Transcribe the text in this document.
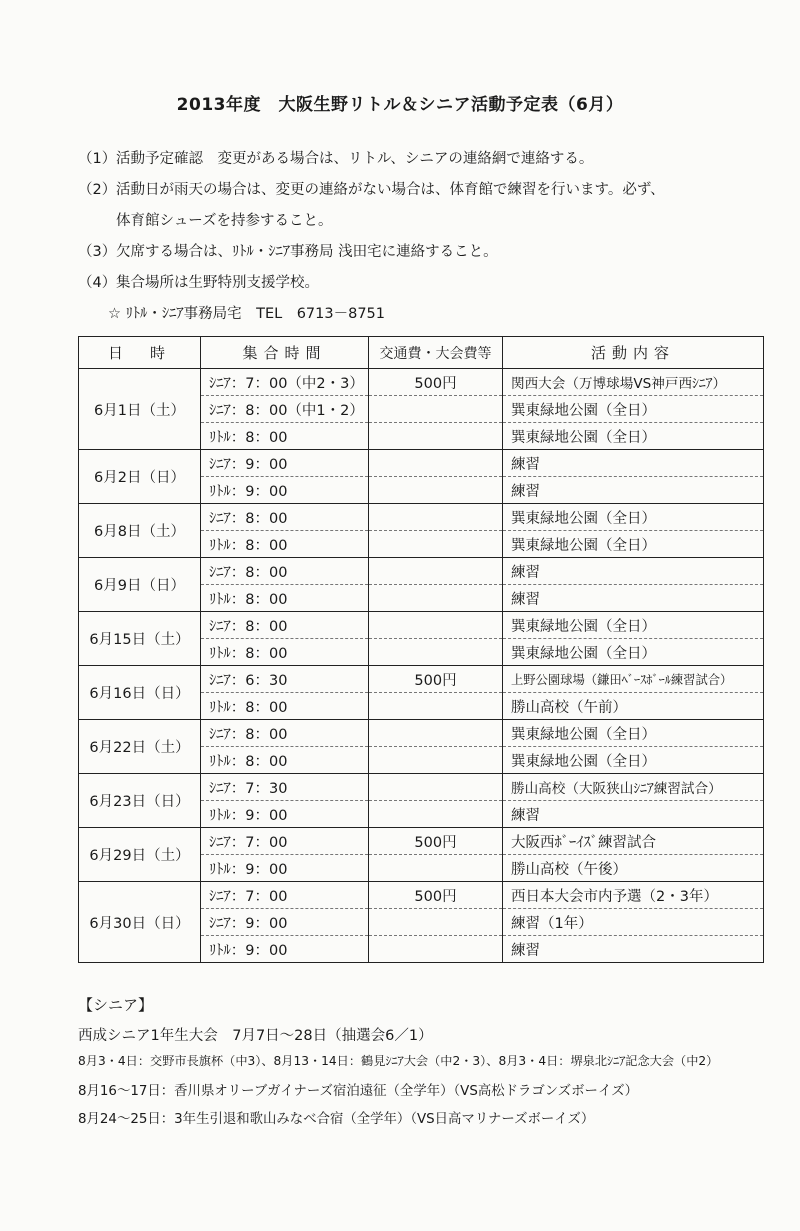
2013年度　大阪生野リトル＆シニア活動予定表（6月）
（1） 活動予定確認　変更がある場合は、リトル、シニアの連絡網で連絡する。
（2） 活動日が雨天の場合は、変更の連絡がない場合は、体育館で練習を行います。必ず、
体育館シューズを持参すること。
（3） 欠席する場合は、ﾘﾄﾙ・ｼﾆｱ事務局 浅田宅に連絡すること。
（4） 集合場所は生野特別支援学校。
☆ ﾘﾄﾙ・ｼﾆｱ事務局宅　TEL　6713－8751
日　時	集合時間	交通費・大会費等	活動内容
6月1日（土）	ｼﾆｱ：7：00（中2・3）	500円	関西大会（万博球場VS神戸西ｼﾆｱ）
	ｼﾆｱ：8：00（中1・2）		巽東緑地公園（全日）
	ﾘﾄﾙ：8：00		巽東緑地公園（全日）
6月2日（日）	ｼﾆｱ：9：00		練習
	ﾘﾄﾙ：9：00		練習
6月8日（土）	ｼﾆｱ：8：00		巽東緑地公園（全日）
	ﾘﾄﾙ：8：00		巽東緑地公園（全日）
6月9日（日）	ｼﾆｱ：8：00		練習
	ﾘﾄﾙ：8：00		練習
6月15日（土）	ｼﾆｱ：8：00		巽東緑地公園（全日）
	ﾘﾄﾙ：8：00		巽東緑地公園（全日）
6月16日（日）	ｼﾆｱ：6：30	500円	上野公園球場（鎌田ﾍﾞｰｽﾎﾞｰﾙ練習試合）
	ﾘﾄﾙ：8：00		勝山高校（午前）
6月22日（土）	ｼﾆｱ：8：00		巽東緑地公園（全日）
	ﾘﾄﾙ：8：00		巽東緑地公園（全日）
6月23日（日）	ｼﾆｱ：7：30		勝山高校（大阪狭山ｼﾆｱ練習試合）
	ﾘﾄﾙ：9：00		練習
6月29日（土）	ｼﾆｱ：7：00	500円	大阪西ﾎﾞｰｲｽﾞ練習試合
	ﾘﾄﾙ：9：00		勝山高校（午後）
6月30日（日）	ｼﾆｱ：7：00	500円	西日本大会市内予選（2・3年）
	ｼﾆｱ：9：00		練習（1年）
	ﾘﾄﾙ：9：00		練習
【シニア】
西成シニア1年生大会　7月7日～28日（抽選会6／1）
8月3・4日：交野市長旗杯（中3）、8月13・14日：鶴見ｼﾆｱ大会（中2・3）、8月3・4日：堺泉北ｼﾆｱ記念大会（中2）
8月16～17日：香川県オリーブガイナーズ宿泊遠征（全学年）（VS高松ドラゴンズボーイズ）
8月24～25日：3年生引退和歌山みなべ合宿（全学年）（VS日高マリナーズボーイズ）
